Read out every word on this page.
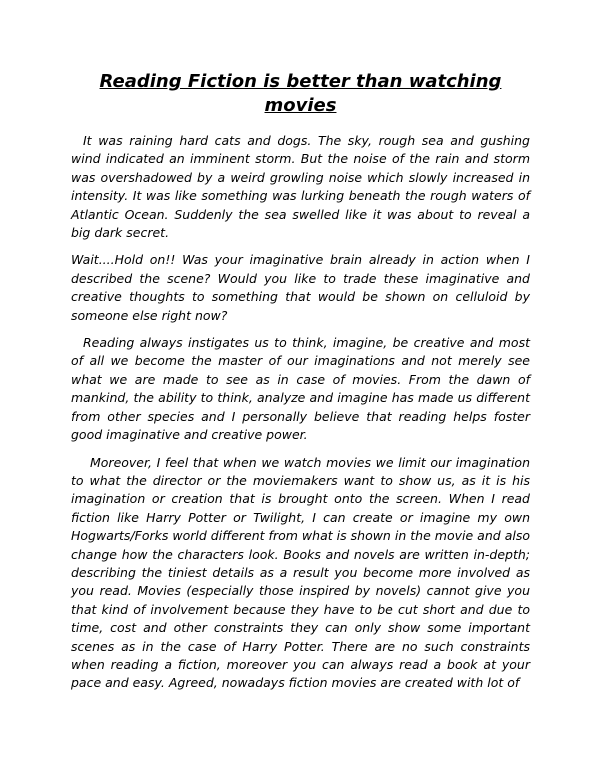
Reading Fiction is better than watching movies

It was raining hard cats and dogs. The sky, rough sea and gushing wind indicated an imminent storm. But the noise of the rain and storm was overshadowed by a weird growling noise which slowly increased in intensity. It was like something was lurking beneath the rough waters of Atlantic Ocean. Suddenly the sea swelled like it was about to reveal a big dark secret.

Wait....Hold on!! Was your imaginative brain already in action when I described the scene? Would you like to trade these imaginative and creative thoughts to something that would be shown on celluloid by someone else right now?

Reading always instigates us to think, imagine, be creative and most of all we become the master of our imaginations and not merely see what we are made to see as in case of movies. From the dawn of mankind, the ability to think, analyze and imagine has made us different from other species and I personally believe that reading helps foster good imaginative and creative power.

Moreover, I feel that when we watch movies we limit our imagination to what the director or the moviemakers want to show us, as it is his imagination or creation that is brought onto the screen. When I read fiction like Harry Potter or Twilight, I can create or imagine my own Hogwarts/Forks world different from what is shown in the movie and also change how the characters look. Books and novels are written in-depth; describing the tiniest details as a result you become more involved as you read. Movies (especially those inspired by novels) cannot give you that kind of involvement because they have to be cut short and due to time, cost and other constraints they can only show some important scenes as in the case of Harry Potter. There are no such constraints when reading a fiction, moreover you can always read a book at your pace and easy. Agreed, nowadays fiction movies are created with lot of
